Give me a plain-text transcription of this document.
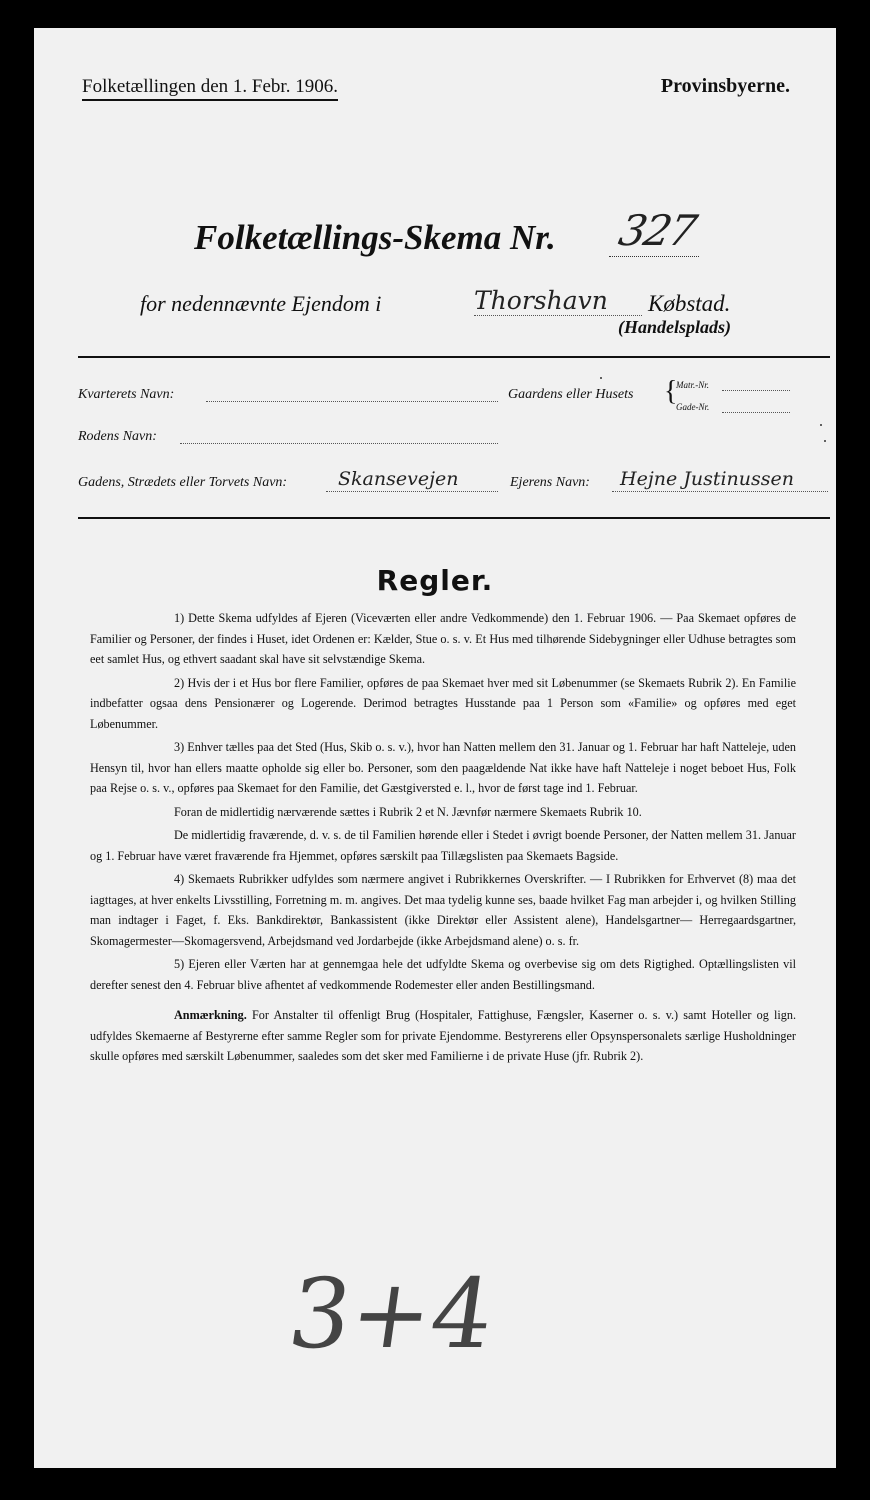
Folketællingen den 1. Febr. 1906.	Provinsbyerne.
Folketællings-Skema Nr. 327
for nedennævnte Ejendom i	Thorshavn Købstad.
(Handelsplads)
Kvarterets Navn:	Gaardens eller Husets {
Matr.-Nr.
Gade-Nr.
Rodens Navn:
Gadens, Strædets eller Torvets Navn:	Skansevejen	Ejerens Navn: Hejne Justinussen
Regler.

1) Dette Skema udfyldes af Ejeren (Viceværten eller andre Vedkommende) den 1. Februar 1906. — Paa Skemaet opføres de Familier og Personer, der findes i Huset, idet Ordenen er: Kælder, Stue o. s. v. Et Hus med tilhørende Sidebygninger eller Udhuse betragtes som eet samlet Hus, og ethvert saadant skal have sit selvstændige Skema.

2) Hvis der i et Hus bor flere Familier, opføres de paa Skemaet hver med sit Løbenummer (se Skemaets Rubrik 2). En Familie indbefatter ogsaa dens Pensionærer og Logerende. Derimod betragtes Husstande paa 1 Person som «Familie» og opføres med eget Løbenummer.

3) Enhver tælles paa det Sted (Hus, Skib o. s. v.), hvor han Natten mellem den 31. Januar og 1. Februar har haft Natteleje, uden Hensyn til, hvor han ellers maatte opholde sig eller bo. Personer, som den paagældende Nat ikke have haft Natteleje i noget beboet Hus, Folk paa Rejse o. s. v., opføres paa Skemaet for den Familie, det Gæstgiversted e. l., hvor de først tage ind 1. Februar.

Foran de midlertidig nærværende sættes i Rubrik 2 et N. Jævnfør nærmere Skemaets Rubrik 10.

De midlertidig fraværende, d. v. s. de til Familien hørende eller i Stedet i øvrigt boende Personer, der Natten mellem 31. Januar og 1. Februar have været fraværende fra Hjemmet, opføres særskilt paa Tillægslisten paa Skemaets Bagside.

4) Skemaets Rubrikker udfyldes som nærmere angivet i Rubrikkernes Overskrifter. — I Rubrikken for Erhvervet (8) maa det iagttages, at hver enkelts Livsstilling, Forretning m. m. angives. Det maa tydelig kunne ses, baade hvilket Fag man arbejder i, og hvilken Stilling man indtager i Faget, f. Eks. Bankdirektør, Bankassistent (ikke Direktør eller Assistent alene), Handelsgartner— Herregaardsgartner, Skomagermester—Skomagersvend, Arbejdsmand ved Jordarbejde (ikke Arbejdsmand alene) o. s. fr.

5) Ejeren eller Værten har at gennemgaa hele det udfyldte Skema og overbevise sig om dets Rigtighed. Optællingslisten vil derefter senest den 4. Februar blive afhentet af vedkommende Rodemester eller anden Bestillingsmand.

Anmærkning. For Anstalter til offenligt Brug (Hospitaler, Fattighuse, Fængsler, Kaserner o. s. v.) samt Hoteller og lign. udfyldes Skemaerne af Bestyrerne efter samme Regler som for private Ejendomme. Bestyrerens eller Opsynspersonalets særlige Husholdninger skulle opføres med særskilt Løbenummer, saaledes som det sker med Familierne i de private Huse (jfr. Rubrik 2).

3+4
